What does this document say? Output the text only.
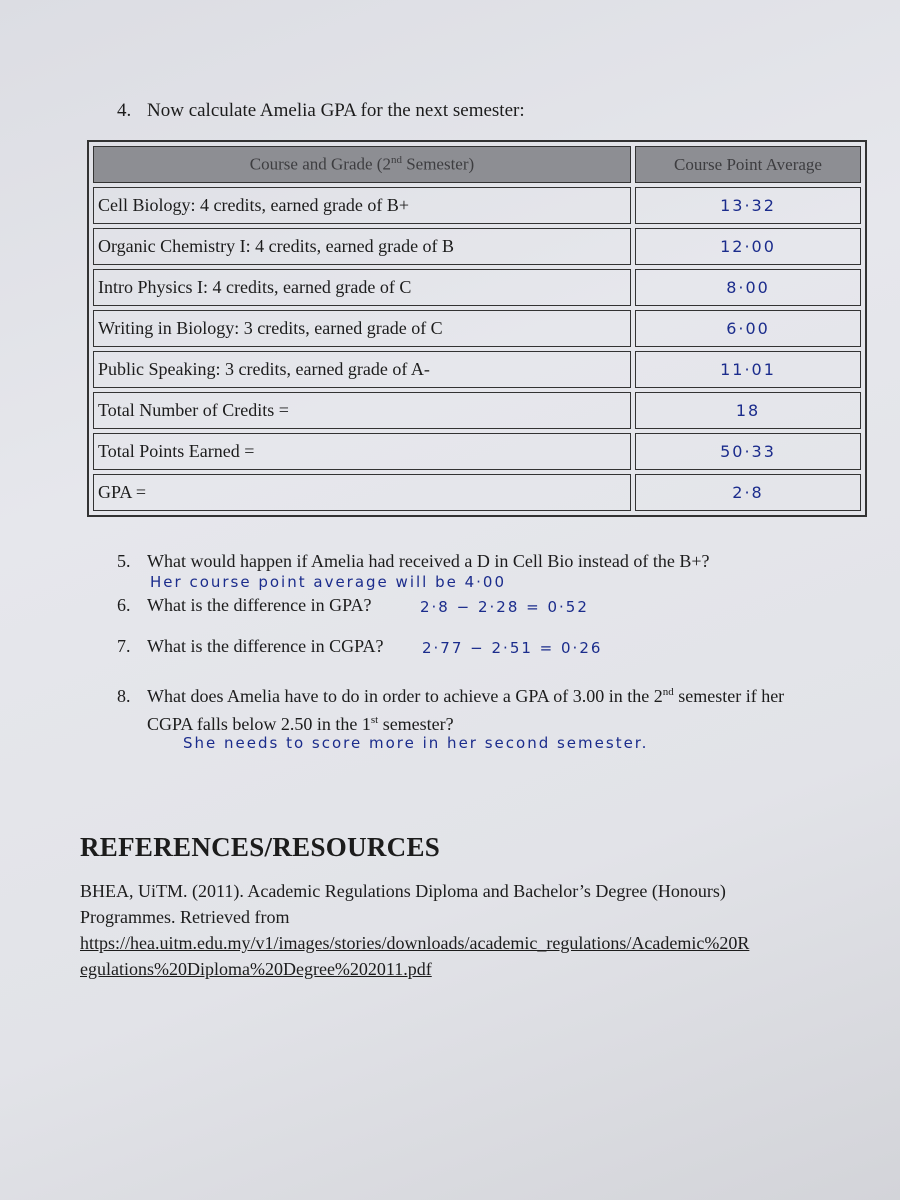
4. Now calculate Amelia GPA for the next semester:
Course and Grade (2nd Semester)	Course Point Average
Cell Biology: 4 credits, earned grade of B+	13·32
Organic Chemistry I: 4 credits, earned grade of B	12·00
Intro Physics I: 4 credits, earned grade of C	8·00
Writing in Biology: 3 credits, earned grade of C	6·00
Public Speaking: 3 credits, earned grade of A-	11·01
Total Number of Credits =	18
Total Points Earned =	50·33
GPA =	2·8
5. What would happen if Amelia had received a D in Cell Bio instead of the B+?
Her course point average will be 4·00
6. What is the difference in GPA?	2·8 − 2·28 = 0·52
7. What is the difference in CGPA?	2·77 − 2·51 = 0·26
8. What does Amelia have to do in order to achieve a GPA of 3.00 in the 2nd semester if her
CGPA falls below 2.50 in the 1st semester?
She needs to score more in her second semester.
REFERENCES/RESOURCES
BHEA, UiTM. (2011). Academic Regulations Diploma and Bachelor’s Degree (Honours)
Programmes. Retrieved from
https://hea.uitm.edu.my/v1/images/stories/downloads/academic_regulations/Academic%20R
egulations%20Diploma%20Degree%202011.pdf
